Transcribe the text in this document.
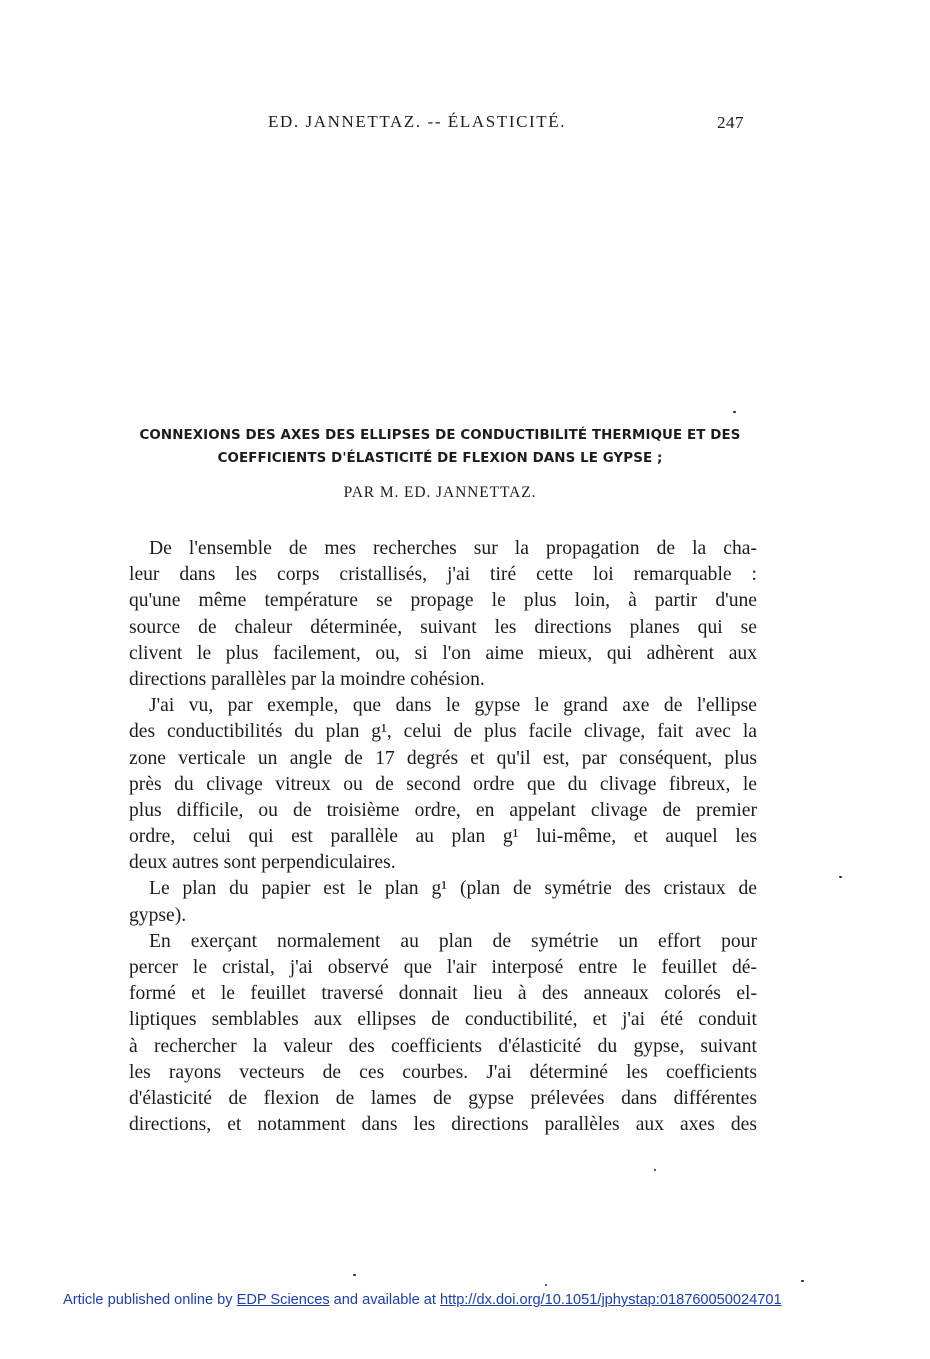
ED. JANNETTAZ. -- ÉLASTICITÉ.	247
CONNEXIONS DES AXES DES ELLIPSES DE CONDUCTIBILITÉ THERMIQUE ET DES
COEFFICIENTS D'ÉLASTICITÉ DE FLEXION DANS LE GYPSE ;
PAR M. ED. JANNETTAZ.

De l'ensemble de mes recherches sur la propagation de la cha-
leur dans les corps cristallisés, j'ai tiré cette loi remarquable :
qu'une même température se propage le plus loin, à partir d'une
source de chaleur déterminée, suivant les directions planes qui se
clivent le plus facilement, ou, si l'on aime mieux, qui adhèrent aux
directions parallèles par la moindre cohésion.

J'ai vu, par exemple, que dans le gypse le grand axe de l'ellipse
des conductibilités du plan g¹, celui de plus facile clivage, fait avec la
zone verticale un angle de 17 degrés et qu'il est, par conséquent, plus
près du clivage vitreux ou de second ordre que du clivage fibreux, le
plus difficile, ou de troisième ordre, en appelant clivage de premier
ordre, celui qui est parallèle au plan g¹ lui-même, et auquel les
deux autres sont perpendiculaires.

Le plan du papier est le plan g¹ (plan de symétrie des cristaux de
gypse).

En exerçant normalement au plan de symétrie un effort pour
percer le cristal, j'ai observé que l'air interposé entre le feuillet dé-
formé et le feuillet traversé donnait lieu à des anneaux colorés el-
liptiques semblables aux ellipses de conductibilité, et j'ai été conduit
à rechercher la valeur des coefficients d'élasticité du gypse, suivant
les rayons vecteurs de ces courbes. J'ai déterminé les coefficients
d'élasticité de flexion de lames de gypse prélevées dans différentes
directions, et notamment dans les directions parallèles aux axes des

Article published online by EDP Sciences and available at http://dx.doi.org/10.1051/jphystap:018760050024701
